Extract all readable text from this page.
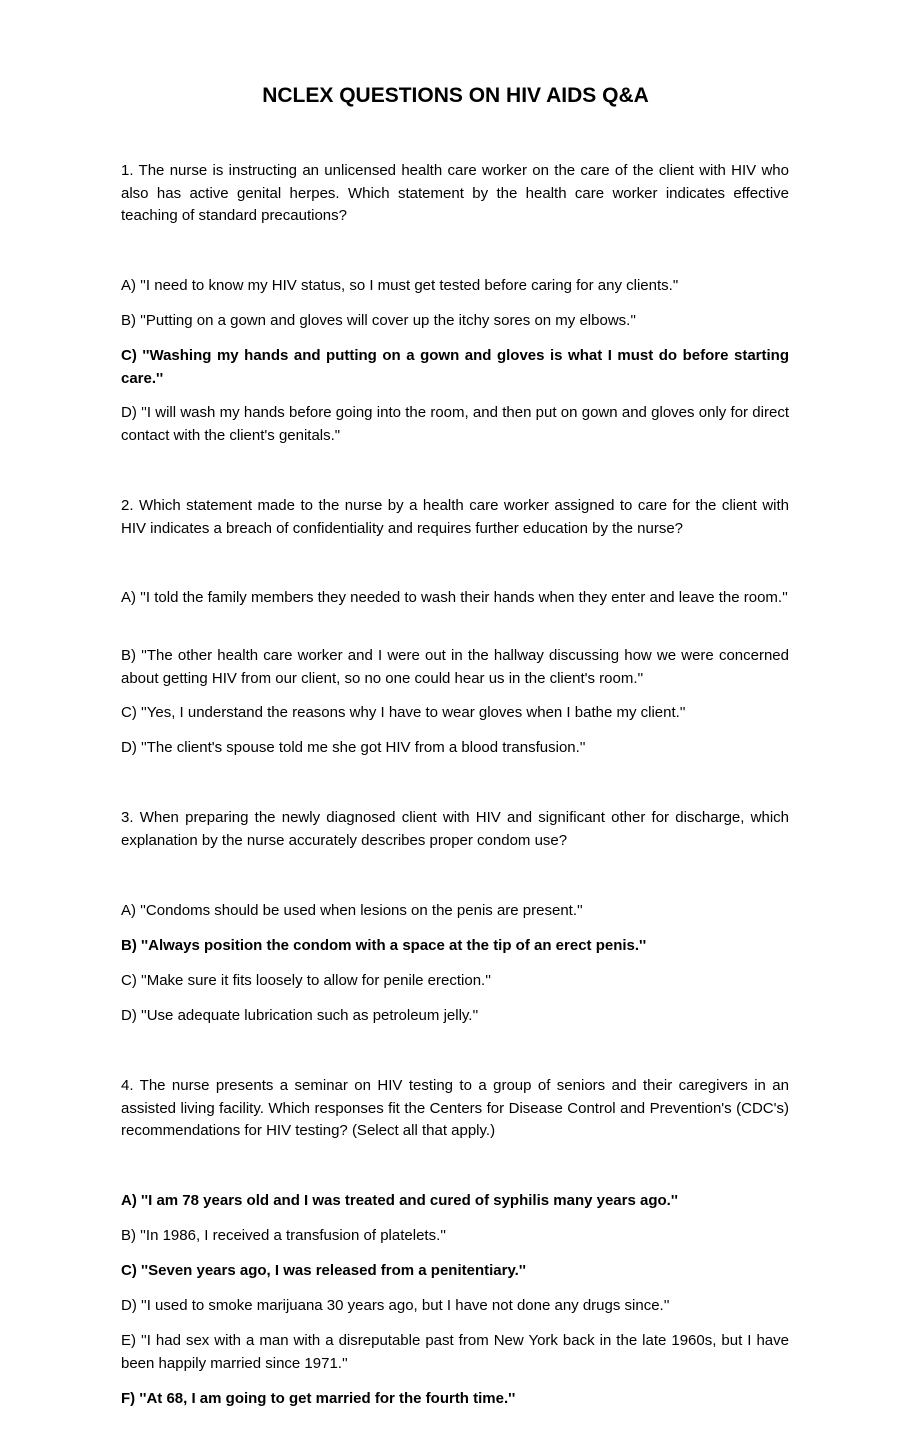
NCLEX QUESTIONS ON HIV AIDS Q&A
1. The nurse is instructing an unlicensed health care worker on the care of the client with HIV who also has active genital herpes. Which statement by the health care worker indicates effective teaching of standard precautions?
A) ''I need to know my HIV status, so I must get tested before caring for any clients."
B) ''Putting on a gown and gloves will cover up the itchy sores on my elbows.''
C) ''Washing my hands and putting on a gown and gloves is what I must do before starting care.''
D) ''I will wash my hands before going into the room, and then put on gown and gloves only for direct contact with the client's genitals."
2. Which statement made to the nurse by a health care worker assigned to care for the client with HIV indicates a breach of confidentiality and requires further education by the nurse?
A) ''I told the family members they needed to wash their hands when they enter and leave the room.''
B) ''The other health care worker and I were out in the hallway discussing how we were concerned about getting HIV from our client, so no one could hear us in the client's room.''
C) ''Yes, I understand the reasons why I have to wear gloves when I bathe my client.''
D) ''The client's spouse told me she got HIV from a blood transfusion.''
3. When preparing the newly diagnosed client with HIV and significant other for discharge, which explanation by the nurse accurately describes proper condom use?
A) ''Condoms should be used when lesions on the penis are present.''
B) ''Always position the condom with a space at the tip of an erect penis.''
C) ''Make sure it fits loosely to allow for penile erection.''
D) ''Use adequate lubrication such as petroleum jelly.''
4. The nurse presents a seminar on HIV testing to a group of seniors and their caregivers in an assisted living facility. Which responses fit the Centers for Disease Control and Prevention's (CDC's) recommendations for HIV testing? (Select all that apply.)
A) ''I am 78 years old and I was treated and cured of syphilis many years ago.''
B) ''In 1986, I received a transfusion of platelets.''
C) ''Seven years ago, I was released from a penitentiary.''
D) ''I used to smoke marijuana 30 years ago, but I have not done any drugs since.''
E) ''I had sex with a man with a disreputable past from New York back in the late 1960s, but I have been happily married since 1971.''
F) ''At 68, I am going to get married for the fourth time.''
